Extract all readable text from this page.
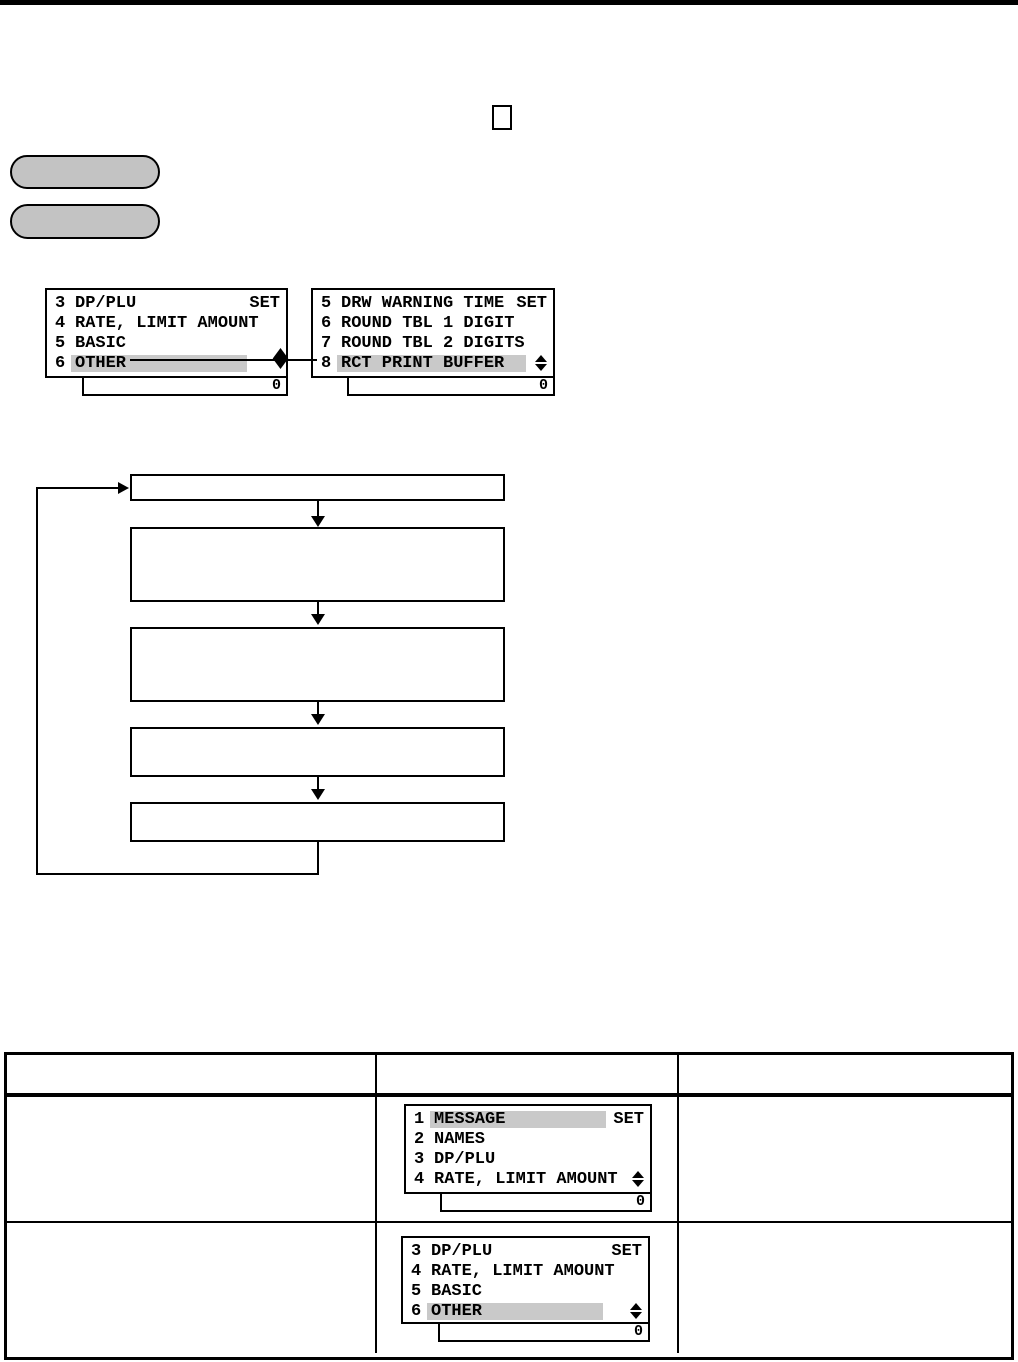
3 DP/PLU	SET
4 RATE, LIMIT AMOUNT
5 BASIC
6 OTHER
0
5 DRW WARNING TIME SET
6 ROUND TBL 1 DIGIT
7 ROUND TBL 2 DIGITS
8 RCT PRINT BUFFER
0
1 MESSAGE	SET
2 NAMES
3 DP/PLU
4 RATE, LIMIT AMOUNT
0
3 DP/PLU	SET
4 RATE, LIMIT AMOUNT
5 BASIC
6 OTHER
0
